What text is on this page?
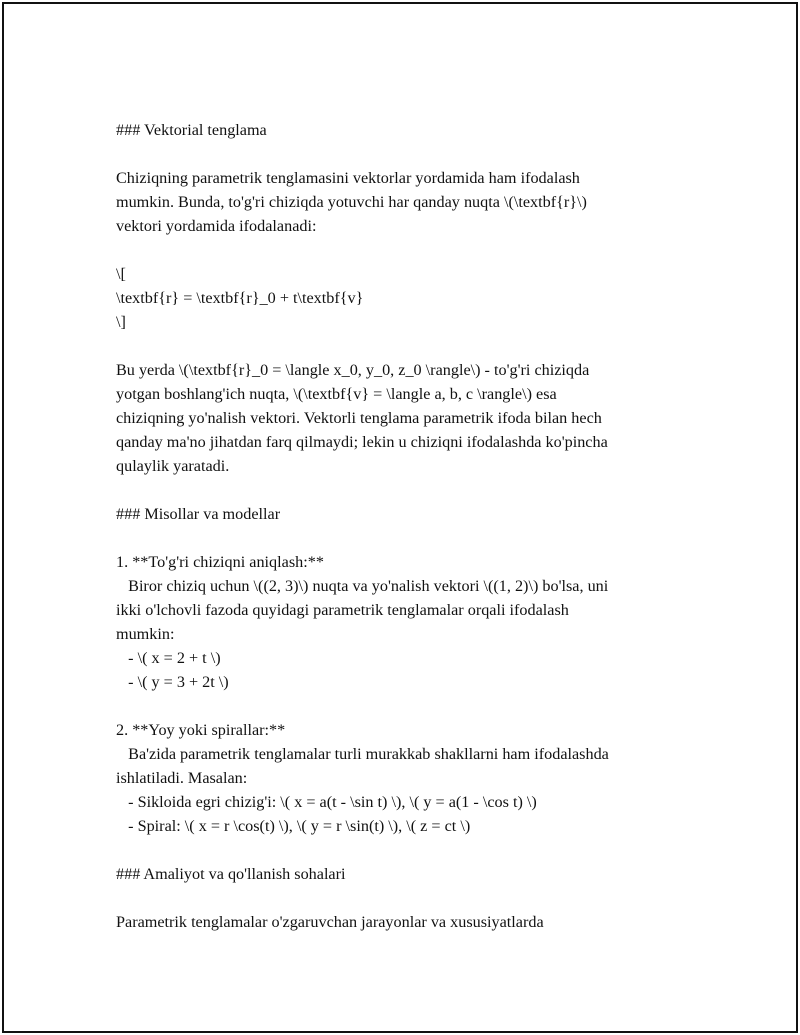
### Vektorial tenglama
Chiziqning parametrik tenglamasini vektorlar yordamida ham ifodalash
mumkin. Bunda, to'g'ri chiziqda yotuvchi har qanday nuqta \(\textbf{r}\)
vektori yordamida ifodalanadi:
\[
\textbf{r} = \textbf{r}_0 + t\textbf{v}
\]
Bu yerda \(\textbf{r}_0 = \langle x_0, y_0, z_0 \rangle\) - to'g'ri chiziqda
yotgan boshlang'ich nuqta, \(\textbf{v} = \langle a, b, c \rangle\) esa
chiziqning yo'nalish vektori. Vektorli tenglama parametrik ifoda bilan hech
qanday ma'no jihatdan farq qilmaydi; lekin u chiziqni ifodalashda ko'pincha
qulaylik yaratadi.
### Misollar va modellar
1. **To'g'ri chiziqni aniqlash:**
Biror chiziq uchun \((2, 3)\) nuqta va yo'nalish vektori \((1, 2)\) bo'lsa, uni
ikki o'lchovli fazoda quyidagi parametrik tenglamalar orqali ifodalash
mumkin:
- \( x = 2 + t \)
- \( y = 3 + 2t \)
2. **Yoy yoki spirallar:**
Ba'zida parametrik tenglamalar turli murakkab shakllarni ham ifodalashda
ishlatiladi. Masalan:
- Sikloida egri chizig'i: \( x = a(t - \sin t) \), \( y = a(1 - \cos t) \)
- Spiral: \( x = r \cos(t) \), \( y = r \sin(t) \), \( z = ct \)
### Amaliyot va qo'llanish sohalari
Parametrik tenglamalar o'zgaruvchan jarayonlar va xususiyatlarda
